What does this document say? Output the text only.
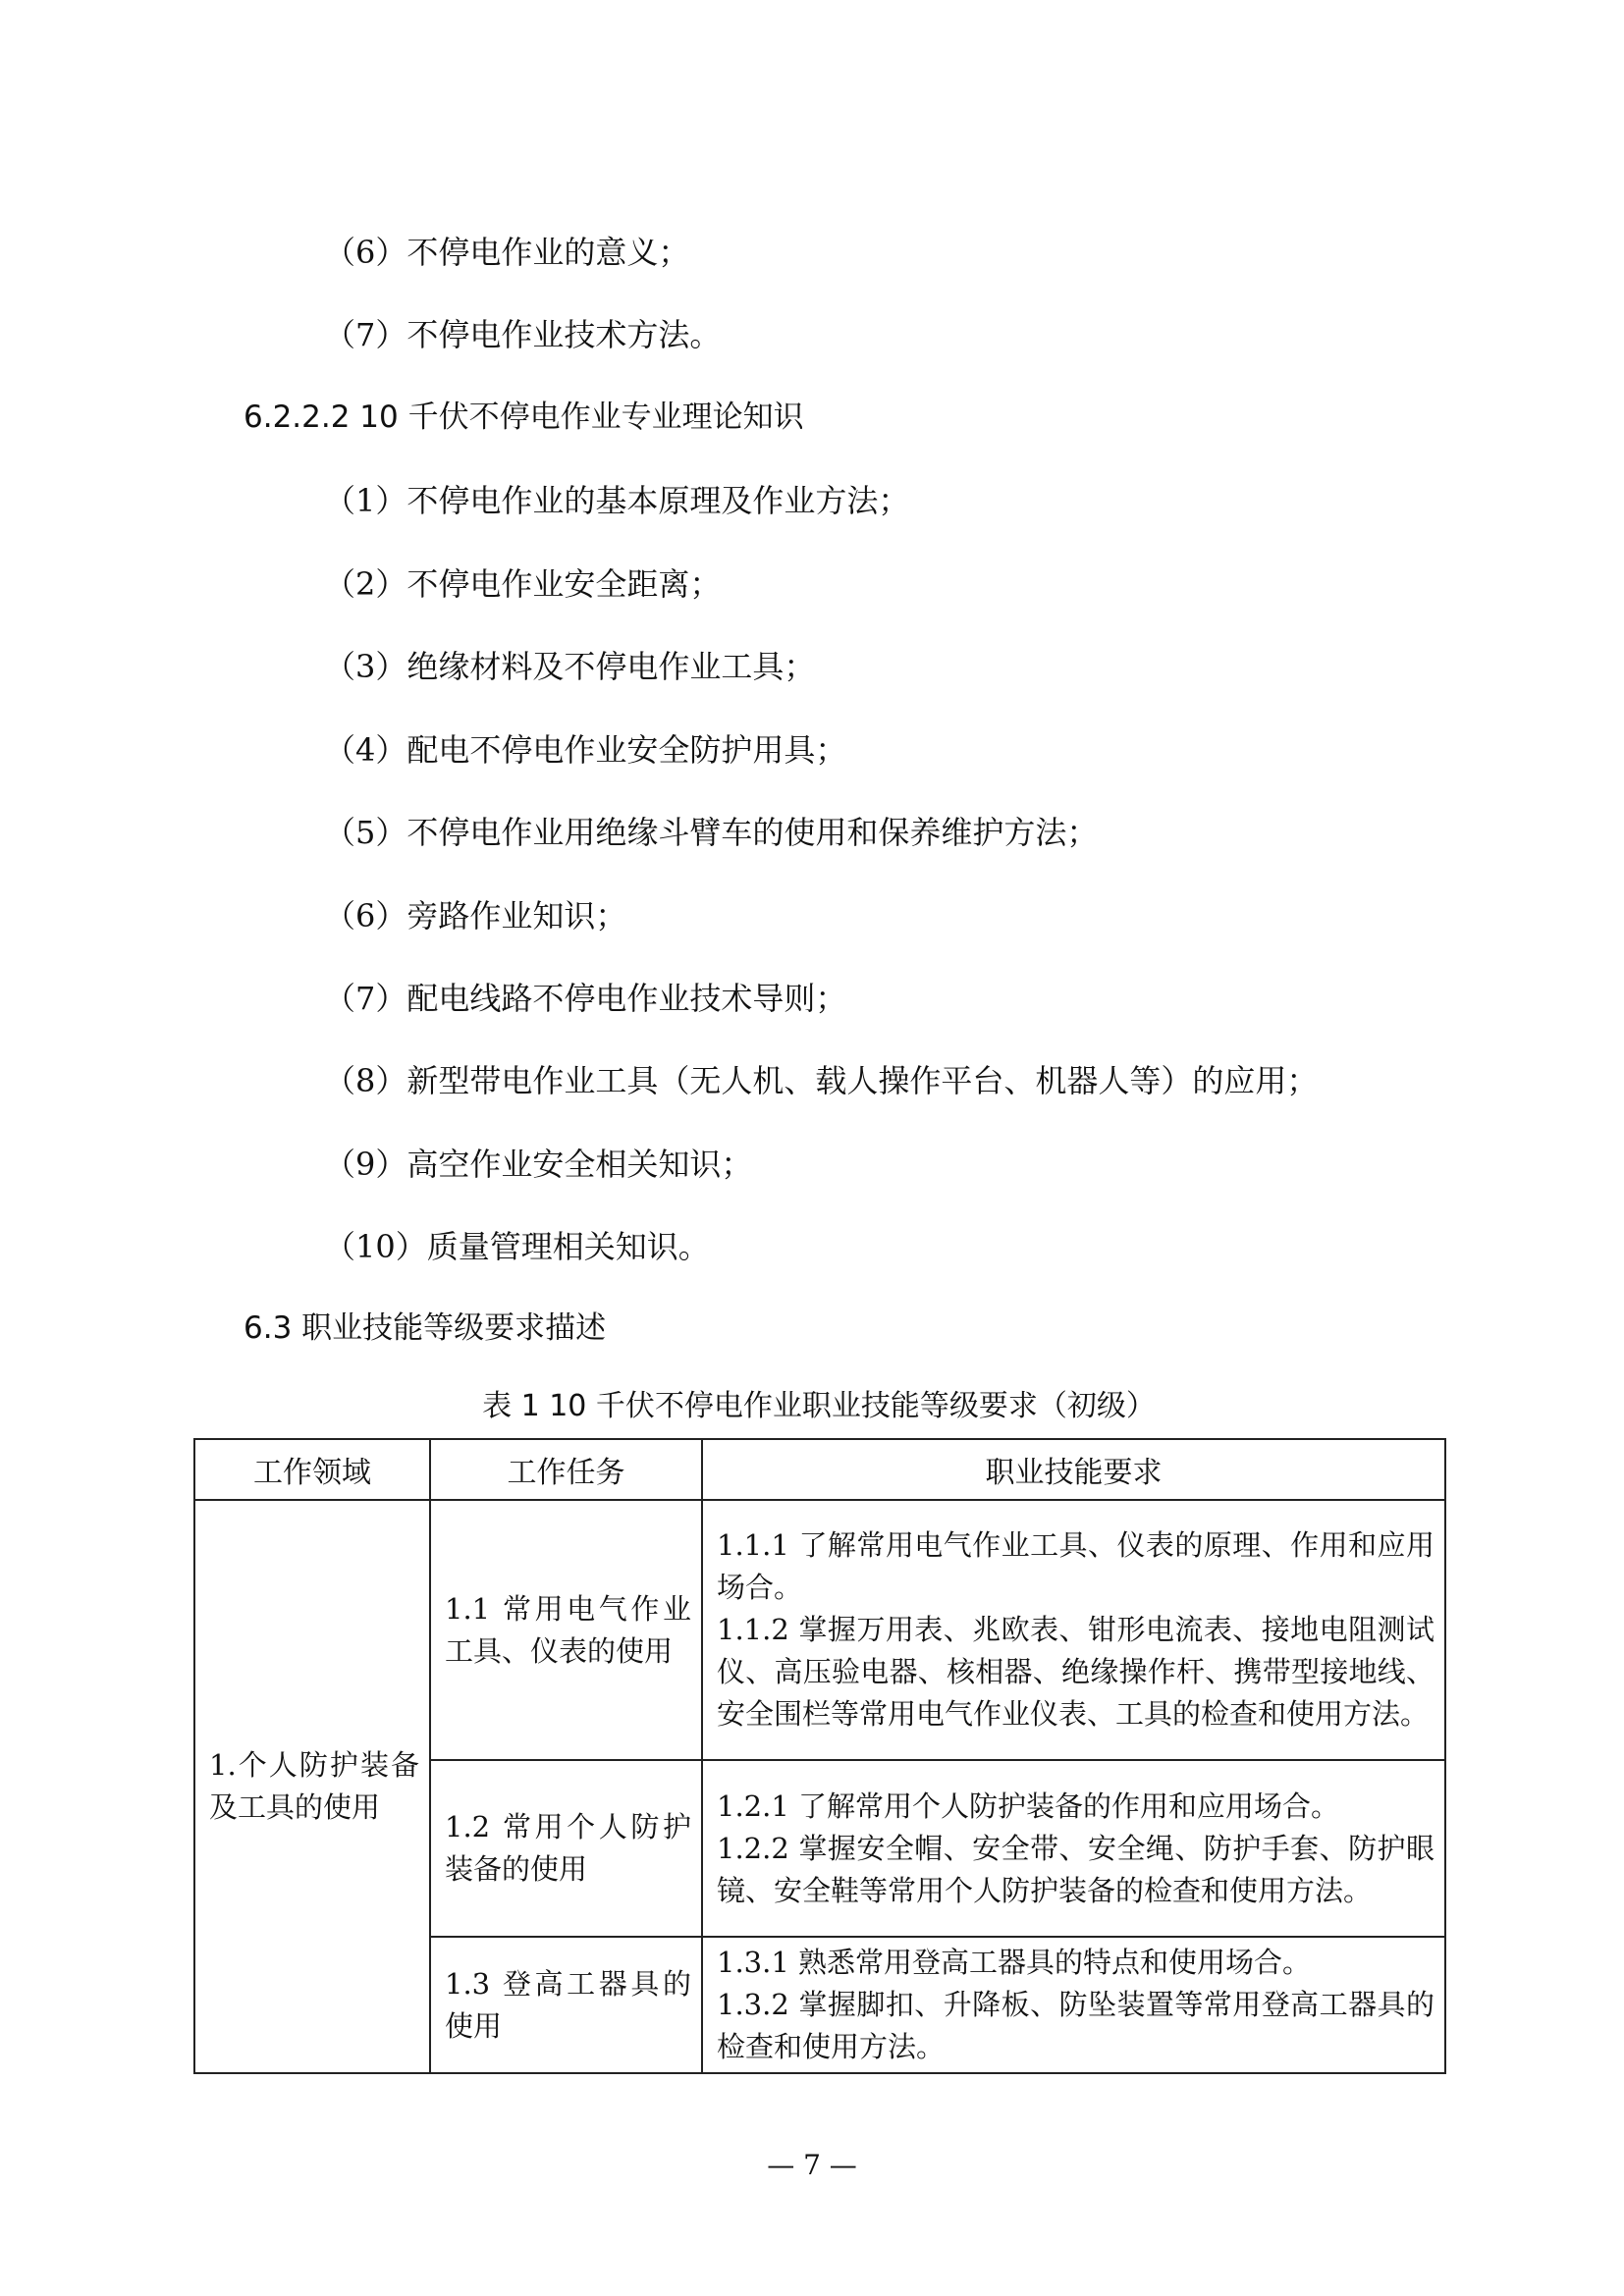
（6）不停电作业的意义；
（7）不停电作业技术方法。
6.2.2.2 10 千伏不停电作业专业理论知识
（1）不停电作业的基本原理及作业方法；
（2）不停电作业安全距离；
（3）绝缘材料及不停电作业工具；
（4）配电不停电作业安全防护用具；
（5）不停电作业用绝缘斗臂车的使用和保养维护方法；
（6）旁路作业知识；
（7）配电线路不停电作业技术导则；
（8）新型带电作业工具（无人机、载人操作平台、机器人等）的应用；
（9）高空作业安全相关知识；
（10）质量管理相关知识。
6.3 职业技能等级要求描述
表 1 10 千伏不停电作业职业技能等级要求（初级）
工作领域	工作任务	职业技能要求
1.个人防护装备及工具的使用	1.1 常用电气作业工具、仪表的使用	1.1.1 了解常用电气作业工具、仪表的原理、作用和应用场合。

1.1.2 掌握万用表、兆欧表、钳形电流表、接地电阻测试仪、高压验电器、核相器、绝缘操作杆、携带型接地线、安全围栏等常用电气作业仪表、工具的检查和使用方法。

	1.2 常用个人防护装备的使用	1.2.1 了解常用个人防护装备的作用和应用场合。

1.2.2 掌握安全帽、安全带、安全绳、防护手套、防护眼镜、安全鞋等常用个人防护装备的检查和使用方法。

	1.3 登高工器具的使用	1.3.1 熟悉常用登高工器具的特点和使用场合。

1.3.2 掌握脚扣、升降板、防坠装置等常用登高工器具的检查和使用方法。

— 7 —
